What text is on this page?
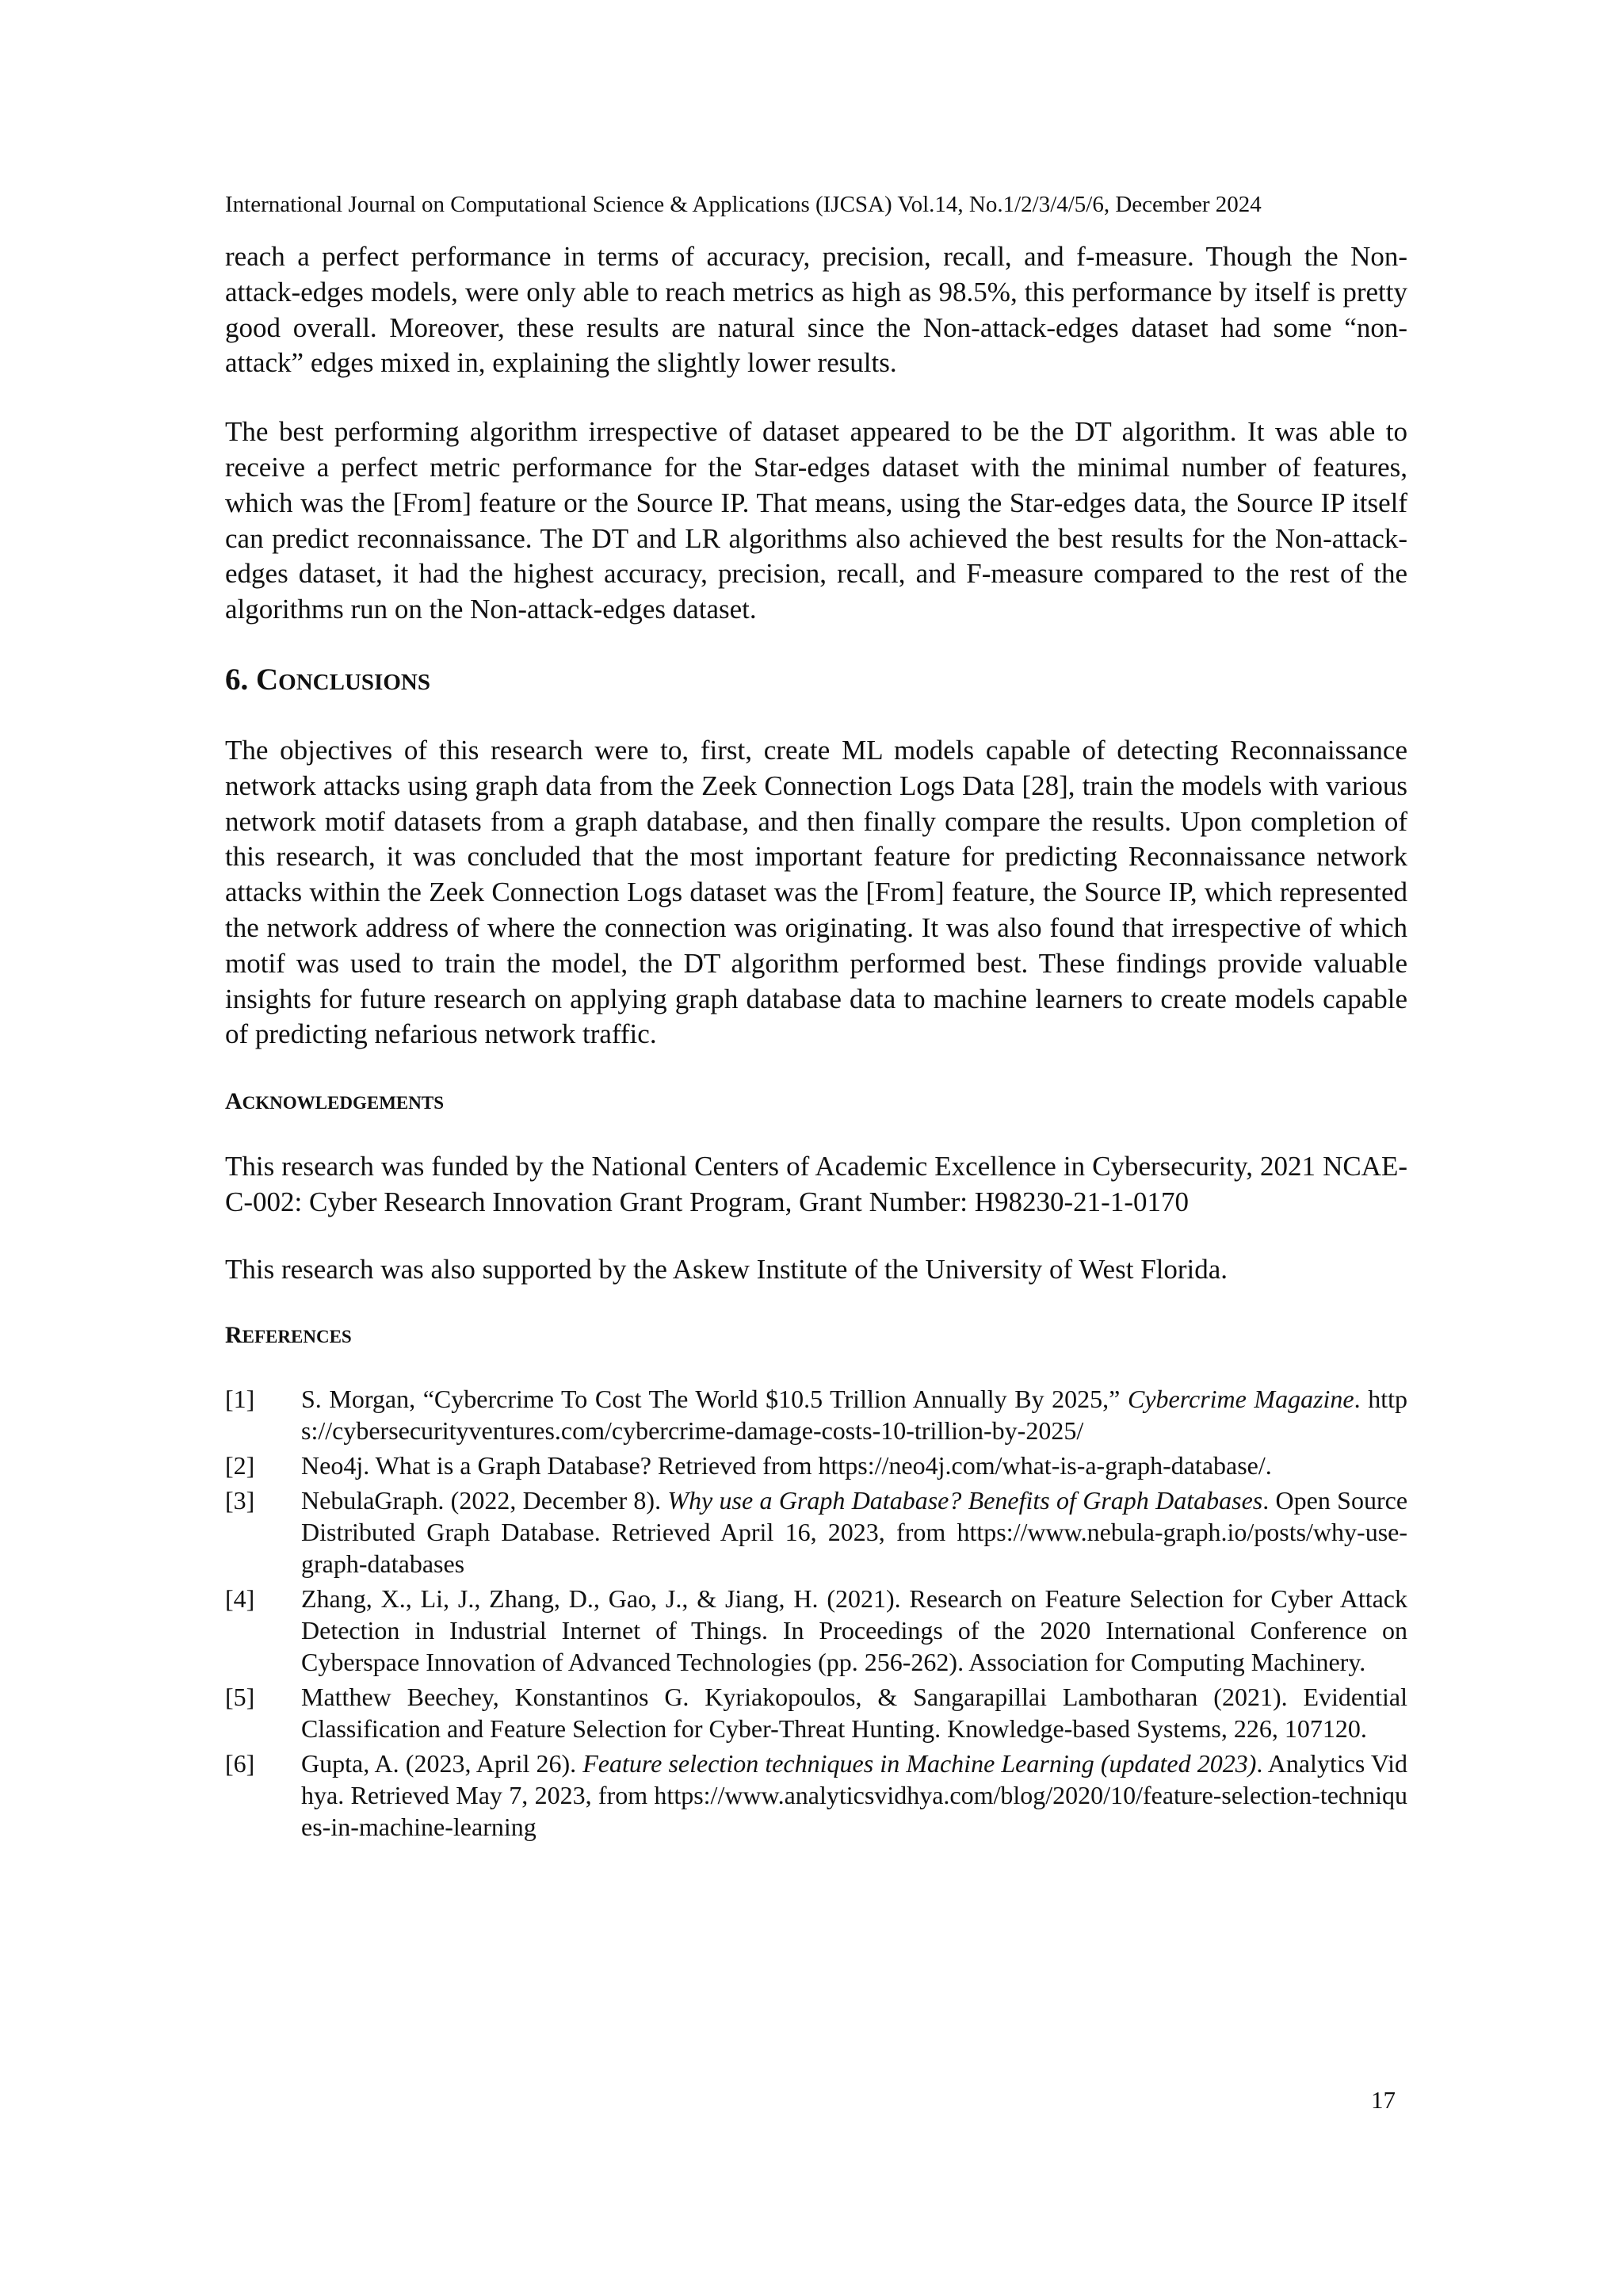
International Journal on Computational Science & Applications (IJCSA) Vol.14, No.1/2/3/4/5/6, December 2024

reach a perfect performance in terms of accuracy, precision, recall, and f-measure. Though the Non-attack-edges models, were only able to reach metrics as high as 98.5%, this performance by itself is pretty good overall. Moreover, these results are natural since the Non-attack-edges dataset had some “non-attack” edges mixed in, explaining the slightly lower results.

The best performing algorithm irrespective of dataset appeared to be the DT algorithm. It was able to receive a perfect metric performance for the Star-edges dataset with the minimal number of features, which was the [From] feature or the Source IP. That means, using the Star-edges data, the Source IP itself can predict reconnaissance. The DT and LR algorithms also achieved the best results for the Non-attack-edges dataset, it had the highest accuracy, precision, recall, and F-measure compared to the rest of the algorithms run on the Non-attack-edges dataset.

6. CONCLUSIONS

The objectives of this research were to, first, create ML models capable of detecting Reconnaissance network attacks using graph data from the Zeek Connection Logs Data [28], train the models with various network motif datasets from a graph database, and then finally compare the results. Upon completion of this research, it was concluded that the most important feature for predicting Reconnaissance network attacks within the Zeek Connection Logs dataset was the [From] feature, the Source IP, which represented the network address of where the connection was originating. It was also found that irrespective of which motif was used to train the model, the DT algorithm performed best. These findings provide valuable insights for future research on applying graph database data to machine learners to create models capable of predicting nefarious network traffic.

ACKNOWLEDGEMENTS

This research was funded by the National Centers of Academic Excellence in Cybersecurity, 2021 NCAE-C-002: Cyber Research Innovation Grant Program, Grant Number: H98230-21-1-0170

This research was also supported by the Askew Institute of the University of West Florida.

REFERENCES
[1]	S. Morgan, “Cybercrime To Cost The World $10.5 Trillion Annually By 2025,” Cybercrime Magazine. https://cybersecurityventures.com/cybercrime-damage-costs-10-trillion-by-2025/
[2]	Neo4j. What is a Graph Database? Retrieved from https://neo4j.com/what-is-a-graph-database/.
[3]	NebulaGraph. (2022, December 8). Why use a Graph Database? Benefits of Graph Databases. Open Source Distributed Graph Database. Retrieved April 16, 2023, from https://www.nebula-graph.io/posts/why-use-graph-databases
[4]	Zhang, X., Li, J., Zhang, D., Gao, J., & Jiang, H. (2021). Research on Feature Selection for Cyber Attack Detection in Industrial Internet of Things. In Proceedings of the 2020 International Conference on Cyberspace Innovation of Advanced Technologies (pp. 256-262). Association for Computing Machinery.
[5]	Matthew Beechey, Konstantinos G. Kyriakopoulos, & Sangarapillai Lambotharan (2021). Evidential Classification and Feature Selection for Cyber-Threat Hunting. Knowledge-based Systems, 226, 107120.
[6]	Gupta, A. (2023, April 26). Feature selection techniques in Machine Learning (updated 2023). Analytics Vidhya. Retrieved May 7, 2023, from https://www.analyticsvidhya.com/blog/2020/10/feature-selection-techniques-in-machine-learning
17
